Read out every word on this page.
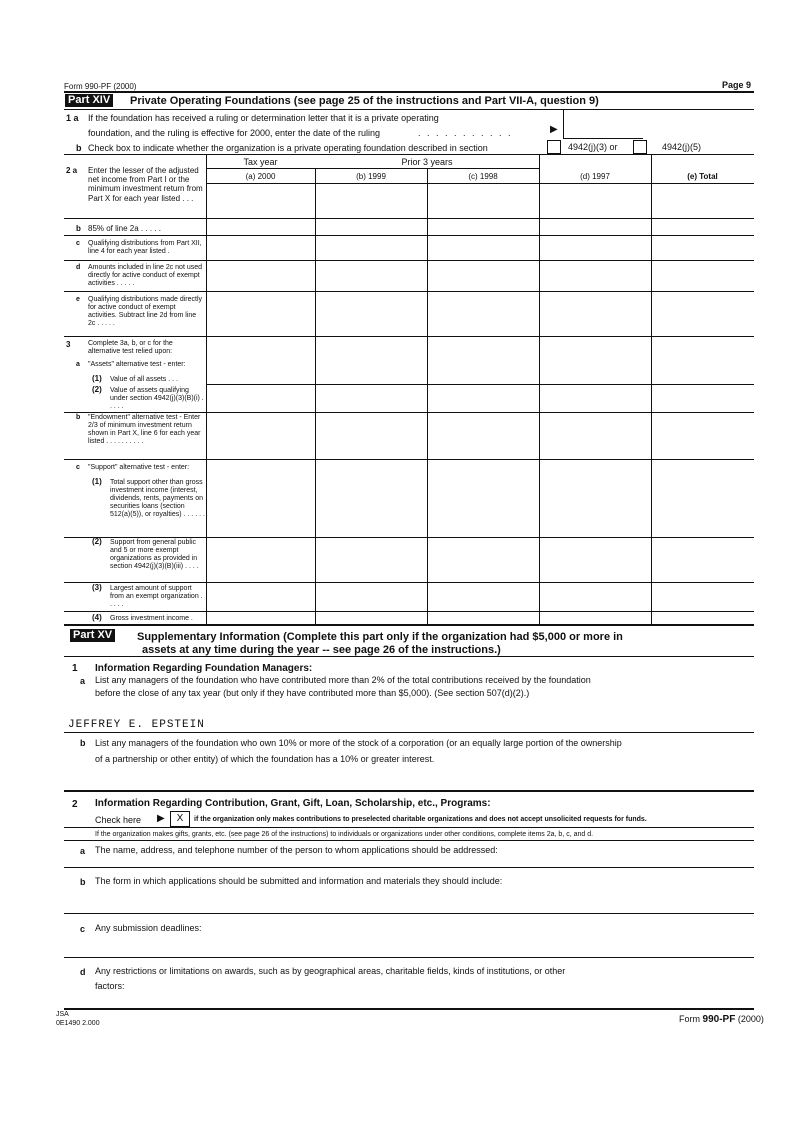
Form 990-PF (2000)	Page 9
Part XIV Private Operating Foundations (see page 25 of the instructions and Part VII-A, question 9)
1 a If the foundation has received a ruling or determination letter that it is a private operating
foundation, and the ruling is effective for 2000, enter the date of the ruling	. . . . . . . . . . .	▶
b Check box to indicate whether the organization is a private operating foundation described in section	4942(j)(3) or	4942(j)(5)
Tax year	Prior 3 years
(a) 2000	(b) 1999	(c) 1998	(d) 1997	(e) Total
2 a Enter the lesser of the adjusted net income from Part I or the minimum investment return from Part X for each year listed . . .
b 85% of line 2a . . . . .
c Qualifying distributions from Part XII, line 4 for each year listed .
d Amounts included in line 2c not used directly for active conduct of exempt activities . . . . .
e Qualifying distributions made directly for active conduct of exempt activities. Subtract line 2d from line 2c . . . . .
3	Complete 3a, b, or c for the alternative test relied upon:
a "Assets" alternative test - enter:
(1) Value of all assets . . .
(2) Value of assets qualifying under section 4942(j)(3)(B)(i) . . . . .
b "Endowment" alternative test - Enter 2/3 of minimum investment return shown in Part X, line 6 for each year listed . . . . . . . . . .
c "Support" alternative test - enter:
(1) Total support other than gross investment income (interest, dividends, rents, payments on securities loans (section 512(a)(5)), or royalties) . . . . . .
(2) Support from general public and 5 or more exempt organizations as provided in section 4942(j)(3)(B)(iii) . . . .
(3) Largest amount of support from an exempt organization . . . . .
(4) Gross investment income .
Part XV Supplementary Information (Complete this part only if the organization had $5,000 or more in
assets at any time during the year -- see page 26 of the instructions.)
1 Information Regarding Foundation Managers:
a List any managers of the foundation who have contributed more than 2% of the total contributions received by the foundation
before the close of any tax year (but only if they have contributed more than $5,000). (See section 507(d)(2).)
JEFFREY E. EPSTEIN
b List any managers of the foundation who own 10% or more of the stock of a corporation (or an equally large portion of the ownership
of a partnership or other entity) of which the foundation has a 10% or greater interest.
2 Information Regarding Contribution, Grant, Gift, Loan, Scholarship, etc., Programs:
Check here ▶	X	if the organization only makes contributions to preselected charitable organizations and does not accept unsolicited requests for funds.
If the organization makes gifts, grants, etc. (see page 26 of the instructions) to individuals or organizations under other conditions, complete items 2a, b, c, and d.
a The name, address, and telephone number of the person to whom applications should be addressed:
b The form in which applications should be submitted and information and materials they should include:
c Any submission deadlines:
d Any restrictions or limitations on awards, such as by geographical areas, charitable fields, kinds of institutions, or other
factors:
JSA
0E1490 2.000	Form 990-PF (2000)
